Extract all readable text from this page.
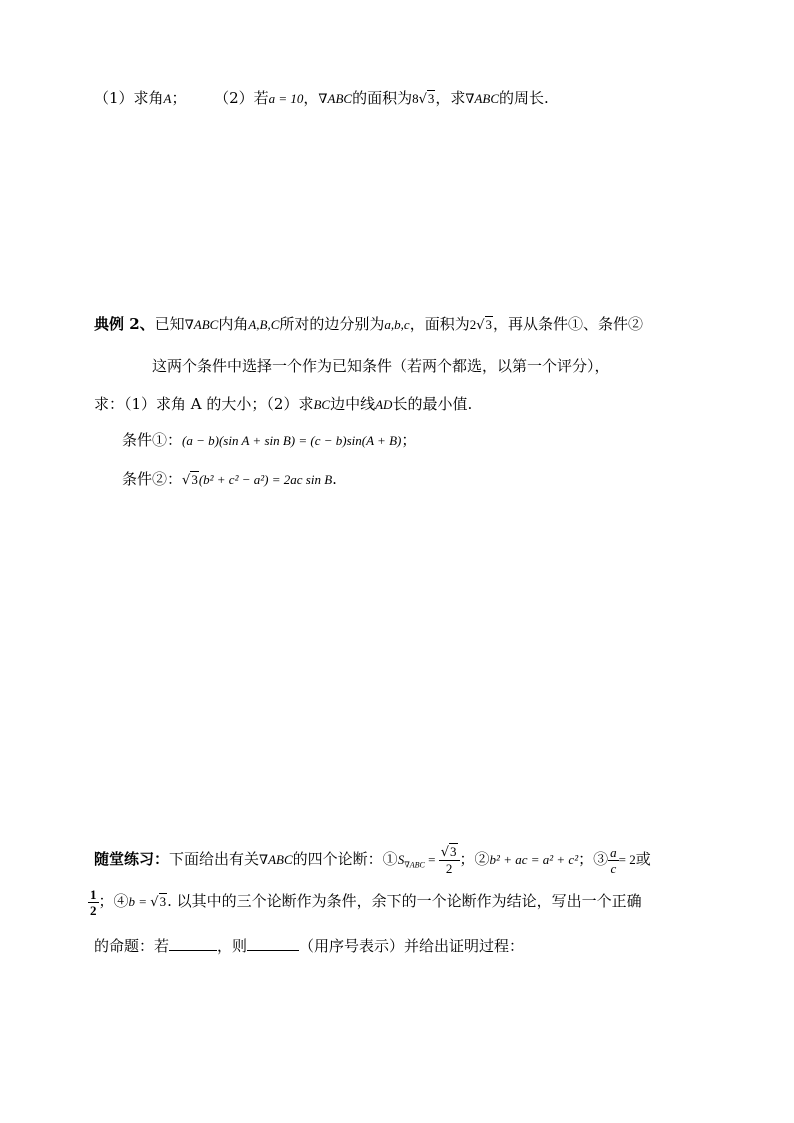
（1）求角A； （2）若a = 10，∇ABC的面积为8√3，求∇ABC的周长.
典例 2、已知∇ABC内角A,B,C所对的边分别为a,b,c，面积为2√3，再从条件①、条件②
这两个条件中选择一个作为已知条件（若两个都选，以第一个评分），
求：（1）求角 A 的大小；（2）求BC边中线AD长的最小值.
条件①：(a − b)(sin A + sin B) = (c − b)sin(A + B)；
条件②：√3(b² + c² − a²) = 2ac sin B.
随堂练习：下面给出有关∇ABC的四个论断：$①S_{\nabla ABC} = \frac{√3}{2}$ ；②b² + ac = a² + c²；③ $\frac{a}{c} = 2$或
$\frac{1}{2}$ ；④b = √3. 以其中的三个论断作为条件，余下的一个论断作为结论，写出一个正确
的命题：若	，则	（用序号表示）并给出证明过程：
